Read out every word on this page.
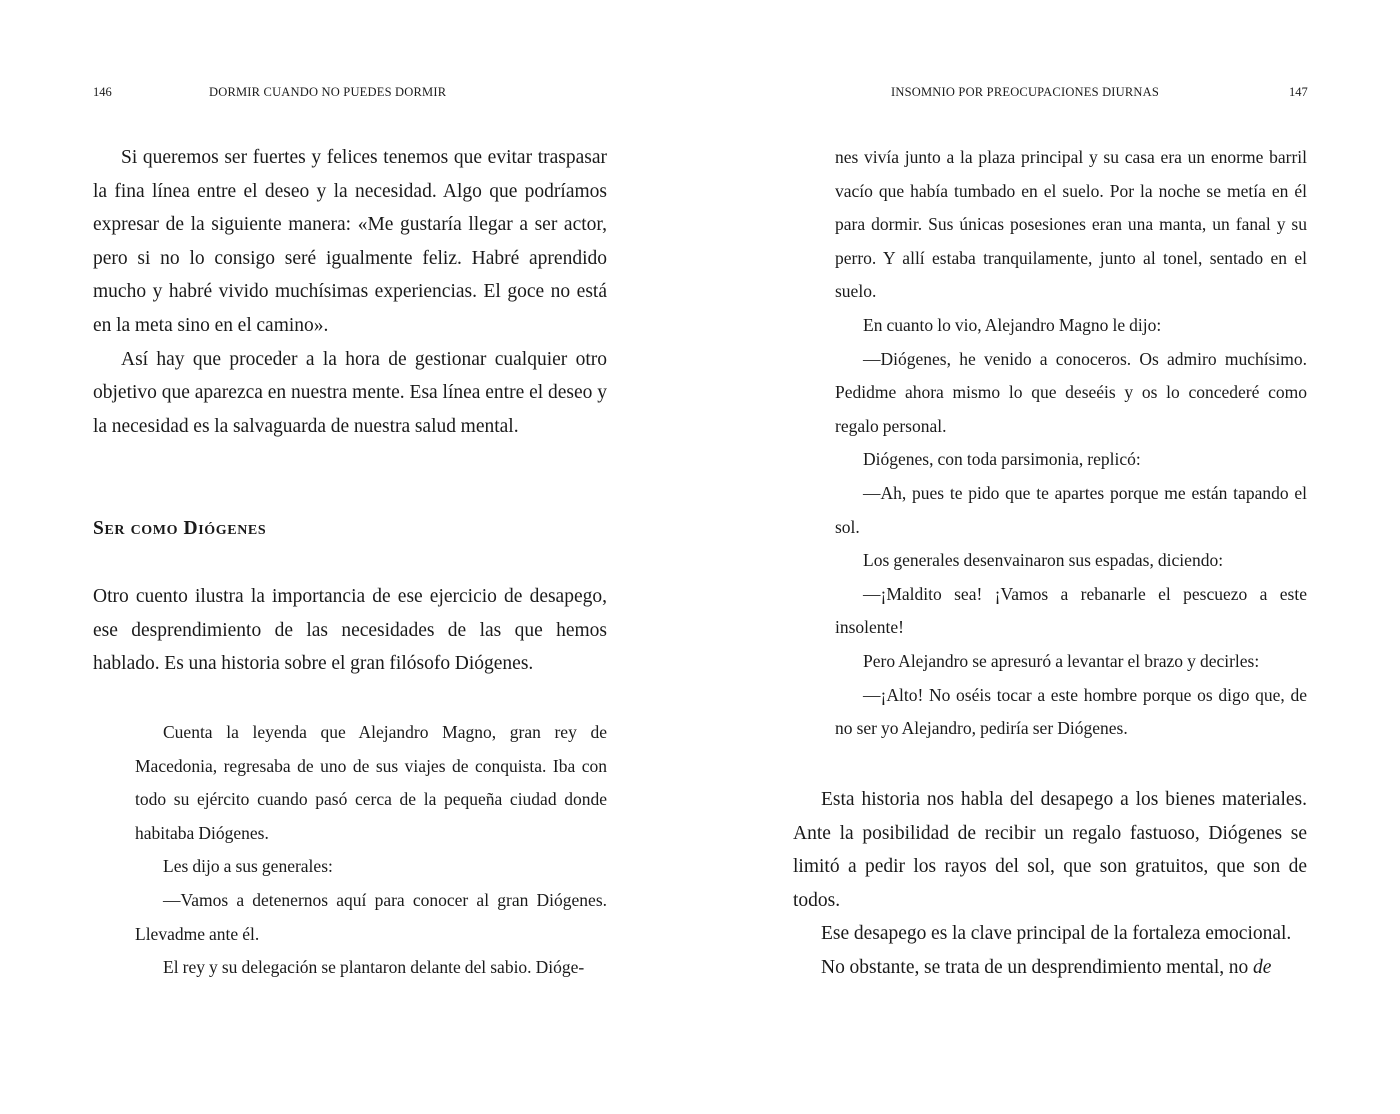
146	DORMIR CUANDO NO PUEDES DORMIR

Si queremos ser fuertes y felices tenemos que evitar traspasar la fina línea entre el deseo y la necesidad. Algo que podríamos expresar de la siguiente manera: «Me gustaría llegar a ser actor, pero si no lo consigo seré igualmente feliz. Habré aprendido mucho y habré vivido muchísimas experiencias. El goce no está en la meta sino en el camino».

Así hay que proceder a la hora de gestionar cualquier otro objetivo que aparezca en nuestra mente. Esa línea entre el deseo y la necesidad es la salvaguarda de nuestra salud mental.

Ser como Diógenes

Otro cuento ilustra la importancia de ese ejercicio de desapego, ese desprendimiento de las necesidades de las que hemos hablado. Es una historia sobre el gran filósofo Diógenes.

Cuenta la leyenda que Alejandro Magno, gran rey de Macedonia, regresaba de uno de sus viajes de conquista. Iba con todo su ejército cuando pasó cerca de la pequeña ciudad donde habitaba Diógenes.

Les dijo a sus generales:

—Vamos a detenernos aquí para conocer al gran Diógenes. Llevadme ante él.

El rey y su delegación se plantaron delante del sabio. Dióge-

INSOMNIO POR PREOCUPACIONES DIURNAS	147

nes vivía junto a la plaza principal y su casa era un enorme barril vacío que había tumbado en el suelo. Por la noche se metía en él para dormir. Sus únicas posesiones eran una manta, un fanal y su perro. Y allí estaba tranquilamente, junto al tonel, sentado en el suelo.

En cuanto lo vio, Alejandro Magno le dijo:

—Diógenes, he venido a conoceros. Os admiro muchísimo. Pedidme ahora mismo lo que deseéis y os lo concederé como regalo personal.

Diógenes, con toda parsimonia, replicó:

—Ah, pues te pido que te apartes porque me están tapando el sol.

Los generales desenvainaron sus espadas, diciendo:

—¡Maldito sea! ¡Vamos a rebanarle el pescuezo a este insolente!

Pero Alejandro se apresuró a levantar el brazo y decirles:

—¡Alto! No oséis tocar a este hombre porque os digo que, de no ser yo Alejandro, pediría ser Diógenes.

Esta historia nos habla del desapego a los bienes materiales. Ante la posibilidad de recibir un regalo fastuoso, Diógenes se limitó a pedir los rayos del sol, que son gratuitos, que son de todos.

Ese desapego es la clave principal de la fortaleza emocional.

No obstante, se trata de un desprendimiento mental, no de
